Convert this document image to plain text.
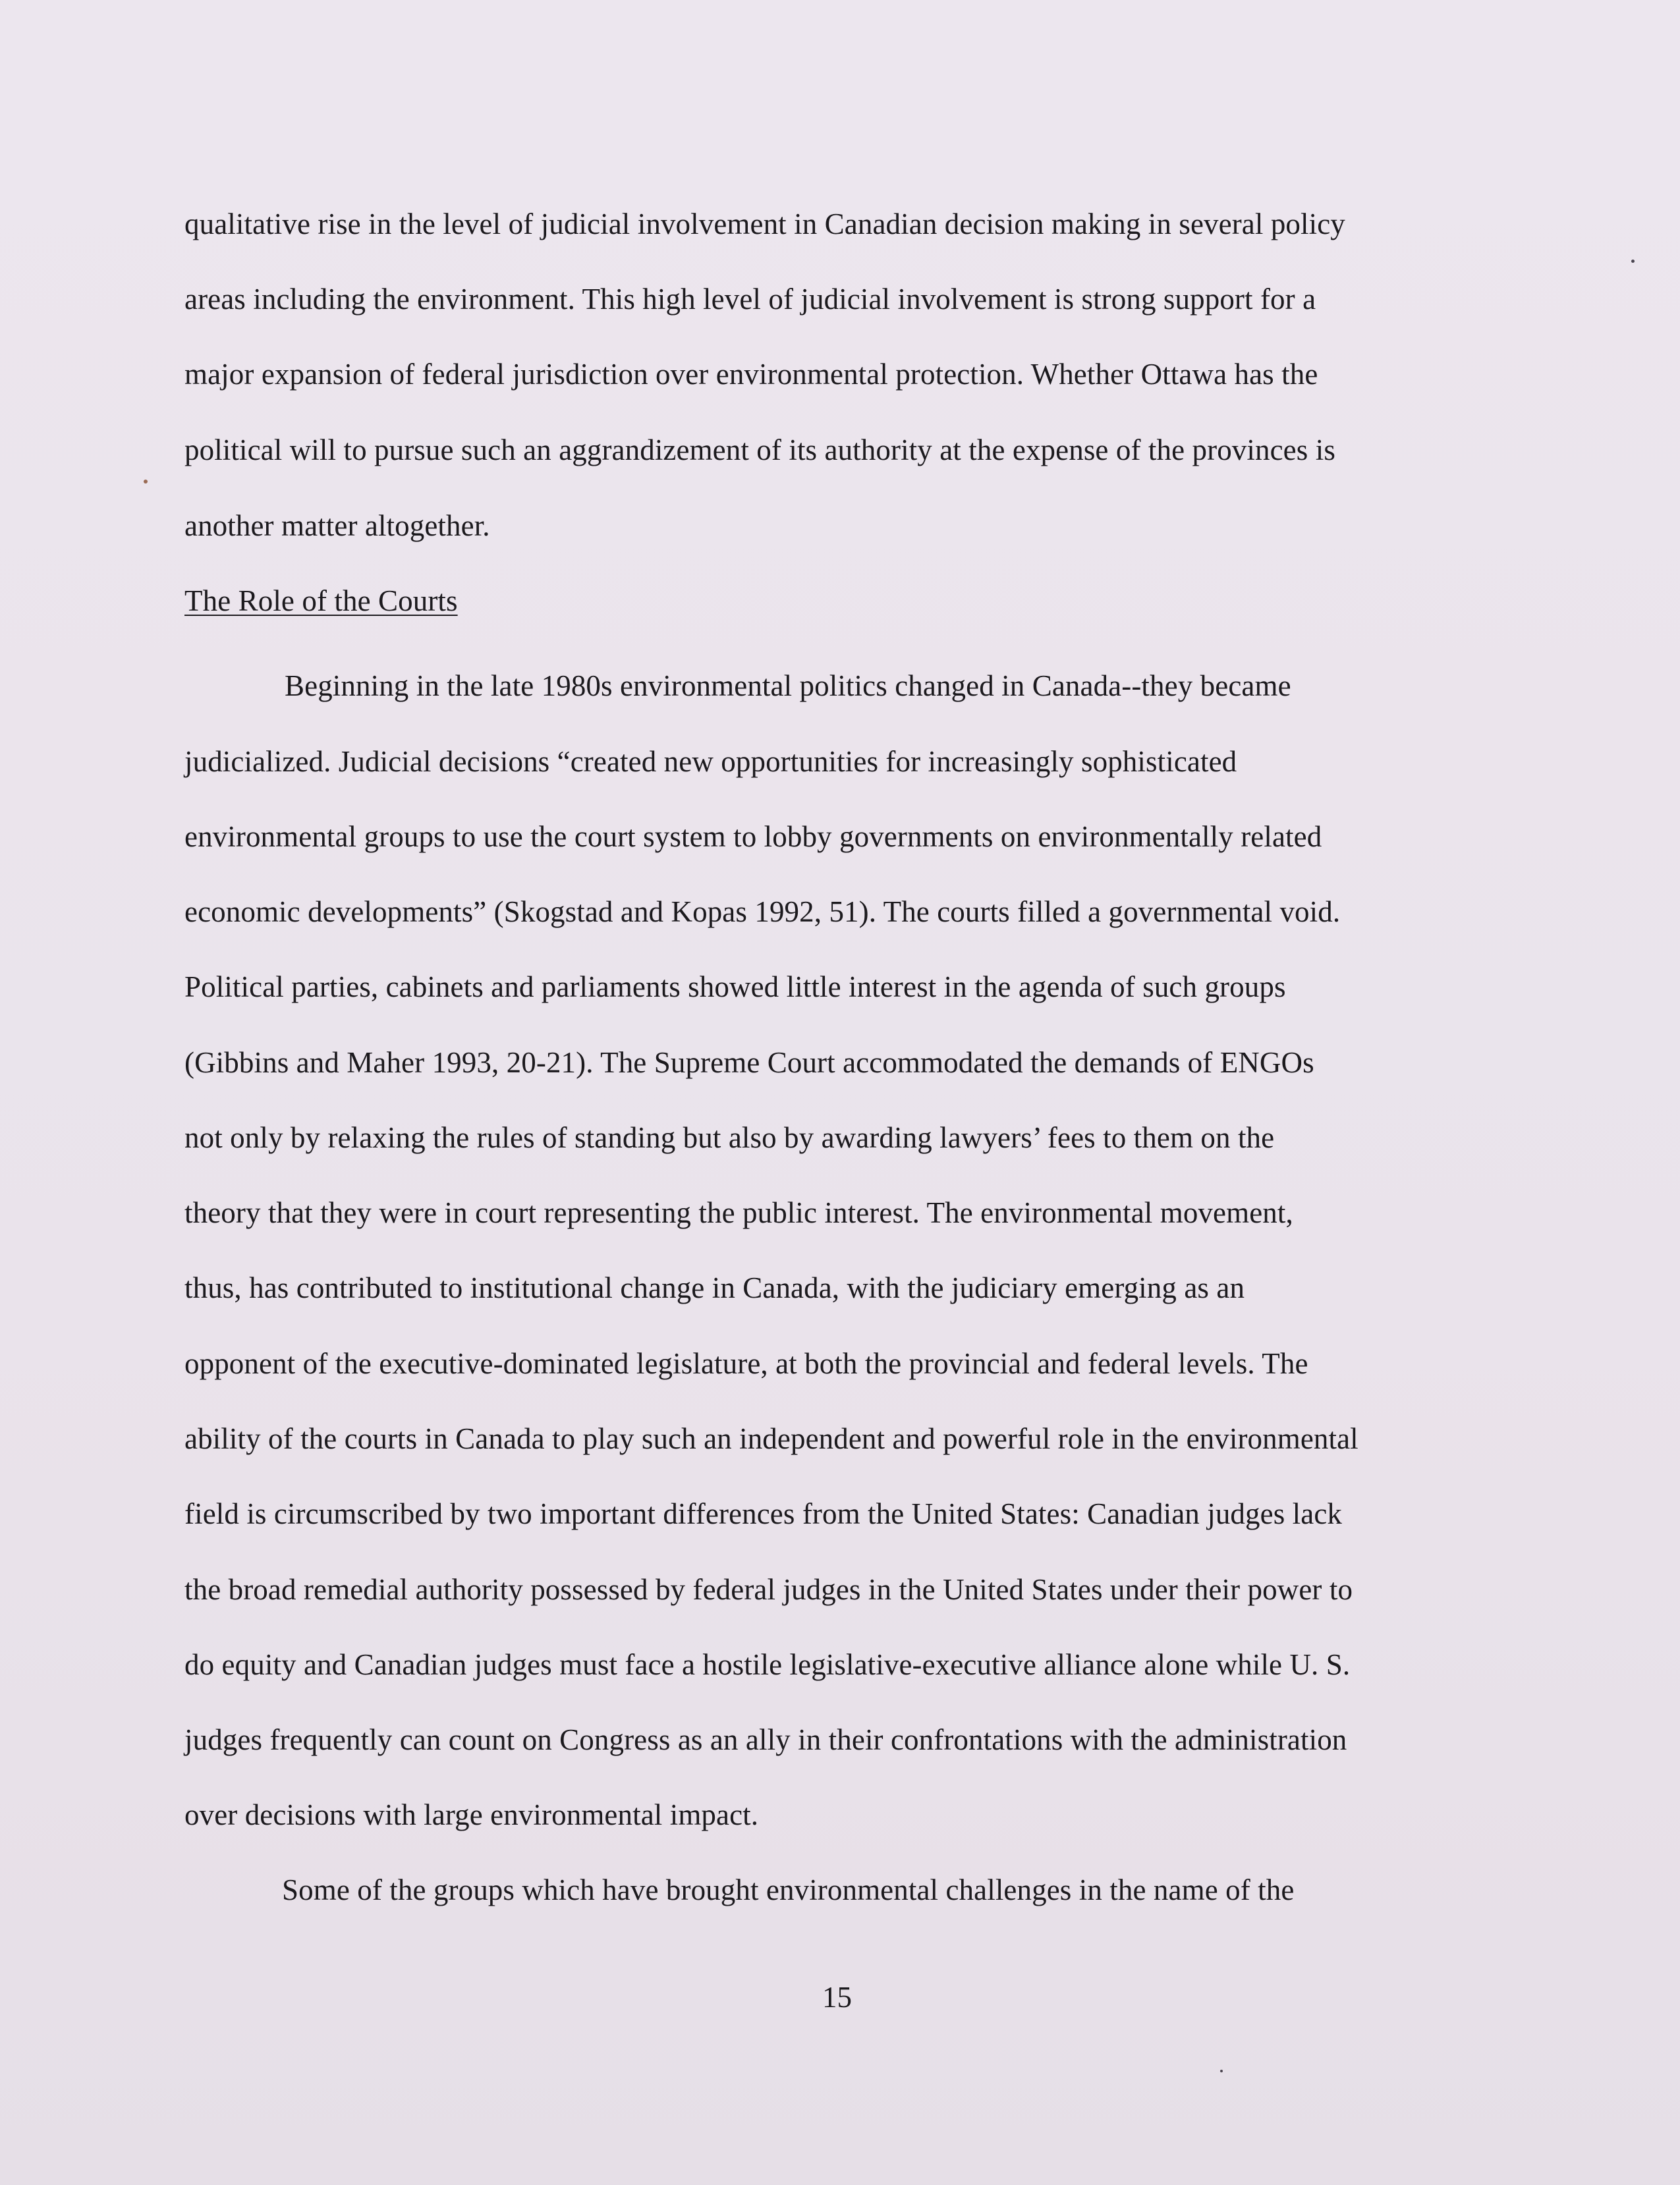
qualitative rise in the level of judicial involvement in Canadian decision making in several policy
areas including the environment. This high level of judicial involvement is strong support for a
major expansion of federal jurisdiction over environmental protection. Whether Ottawa has the
political will to pursue such an aggrandizement of its authority at the expense of the provinces is
another matter altogether.
The Role of the Courts
Beginning in the late 1980s environmental politics changed in Canada--they became
judicialized. Judicial decisions “created new opportunities for increasingly sophisticated
environmental groups to use the court system to lobby governments on environmentally related
economic developments” (Skogstad and Kopas 1992, 51). The courts filled a governmental void.
Political parties, cabinets and parliaments showed little interest in the agenda of such groups
(Gibbins and Maher 1993, 20-21). The Supreme Court accommodated the demands of ENGOs
not only by relaxing the rules of standing but also by awarding lawyers’ fees to them on the
theory that they were in court representing the public interest. The environmental movement,
thus, has contributed to institutional change in Canada, with the judiciary emerging as an
opponent of the executive-dominated legislature, at both the provincial and federal levels. The
ability of the courts in Canada to play such an independent and powerful role in the environmental
field is circumscribed by two important differences from the United States: Canadian judges lack
the broad remedial authority possessed by federal judges in the United States under their power to
do equity and Canadian judges must face a hostile legislative-executive alliance alone while U. S.
judges frequently can count on Congress as an ally in their confrontations with the administration
over decisions with large environmental impact.
Some of the groups which have brought environmental challenges in the name of the
15
